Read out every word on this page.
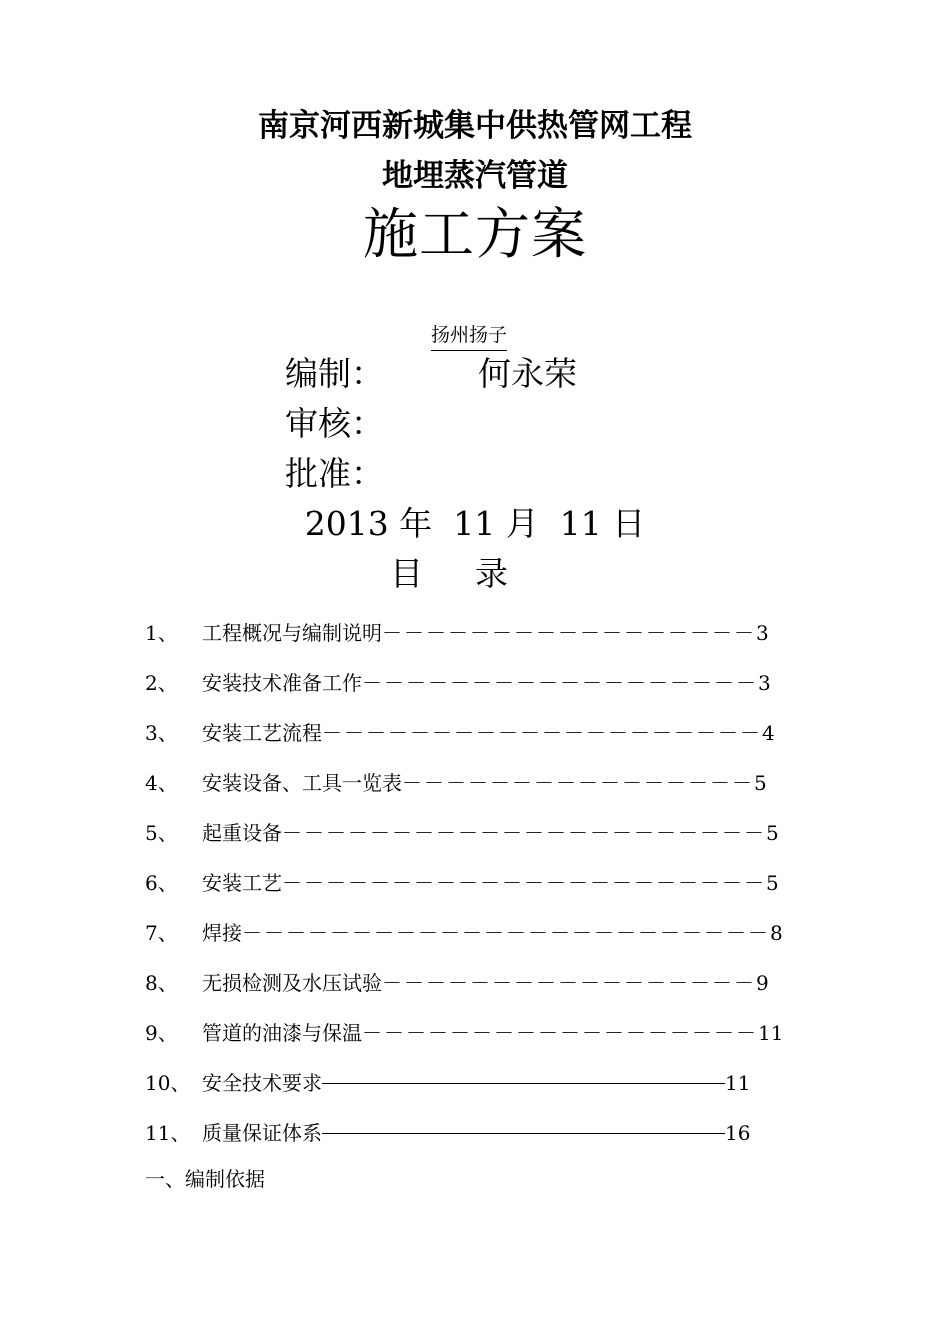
南京河西新城集中供热管网工程
地埋蒸汽管道
施工方案
扬州扬子
编制：	何永荣
审核：
批准：
2013 年  11 月  11 日
目 录
1、 工程概况与编制说明－－－－－－－－－－－－－－－－－3
2、 安装技术准备工作－－－－－－－－－－－－－－－－－－3
3、 安装工艺流程－－－－－－－－－－－－－－－－－－－－4
4、 安装设备、工具一览表－－－－－－－－－－－－－－－－5
5、 起重设备－－－－－－－－－－－－－－－－－－－－－－5
6、 安装工艺－－－－－－－－－－－－－－－－－－－－－－5
7、 焊接－－－－－－－－－－－－－－－－－－－－－－－－8
8、 无损检测及水压试验－－－－－－－－－－－－－－－－－9
9、 管道的油漆与保温－－－－－－－－－－－－－－－－－－11
10、 安全技术要求	11
11、 质量保证体系	16
一、编制依据
